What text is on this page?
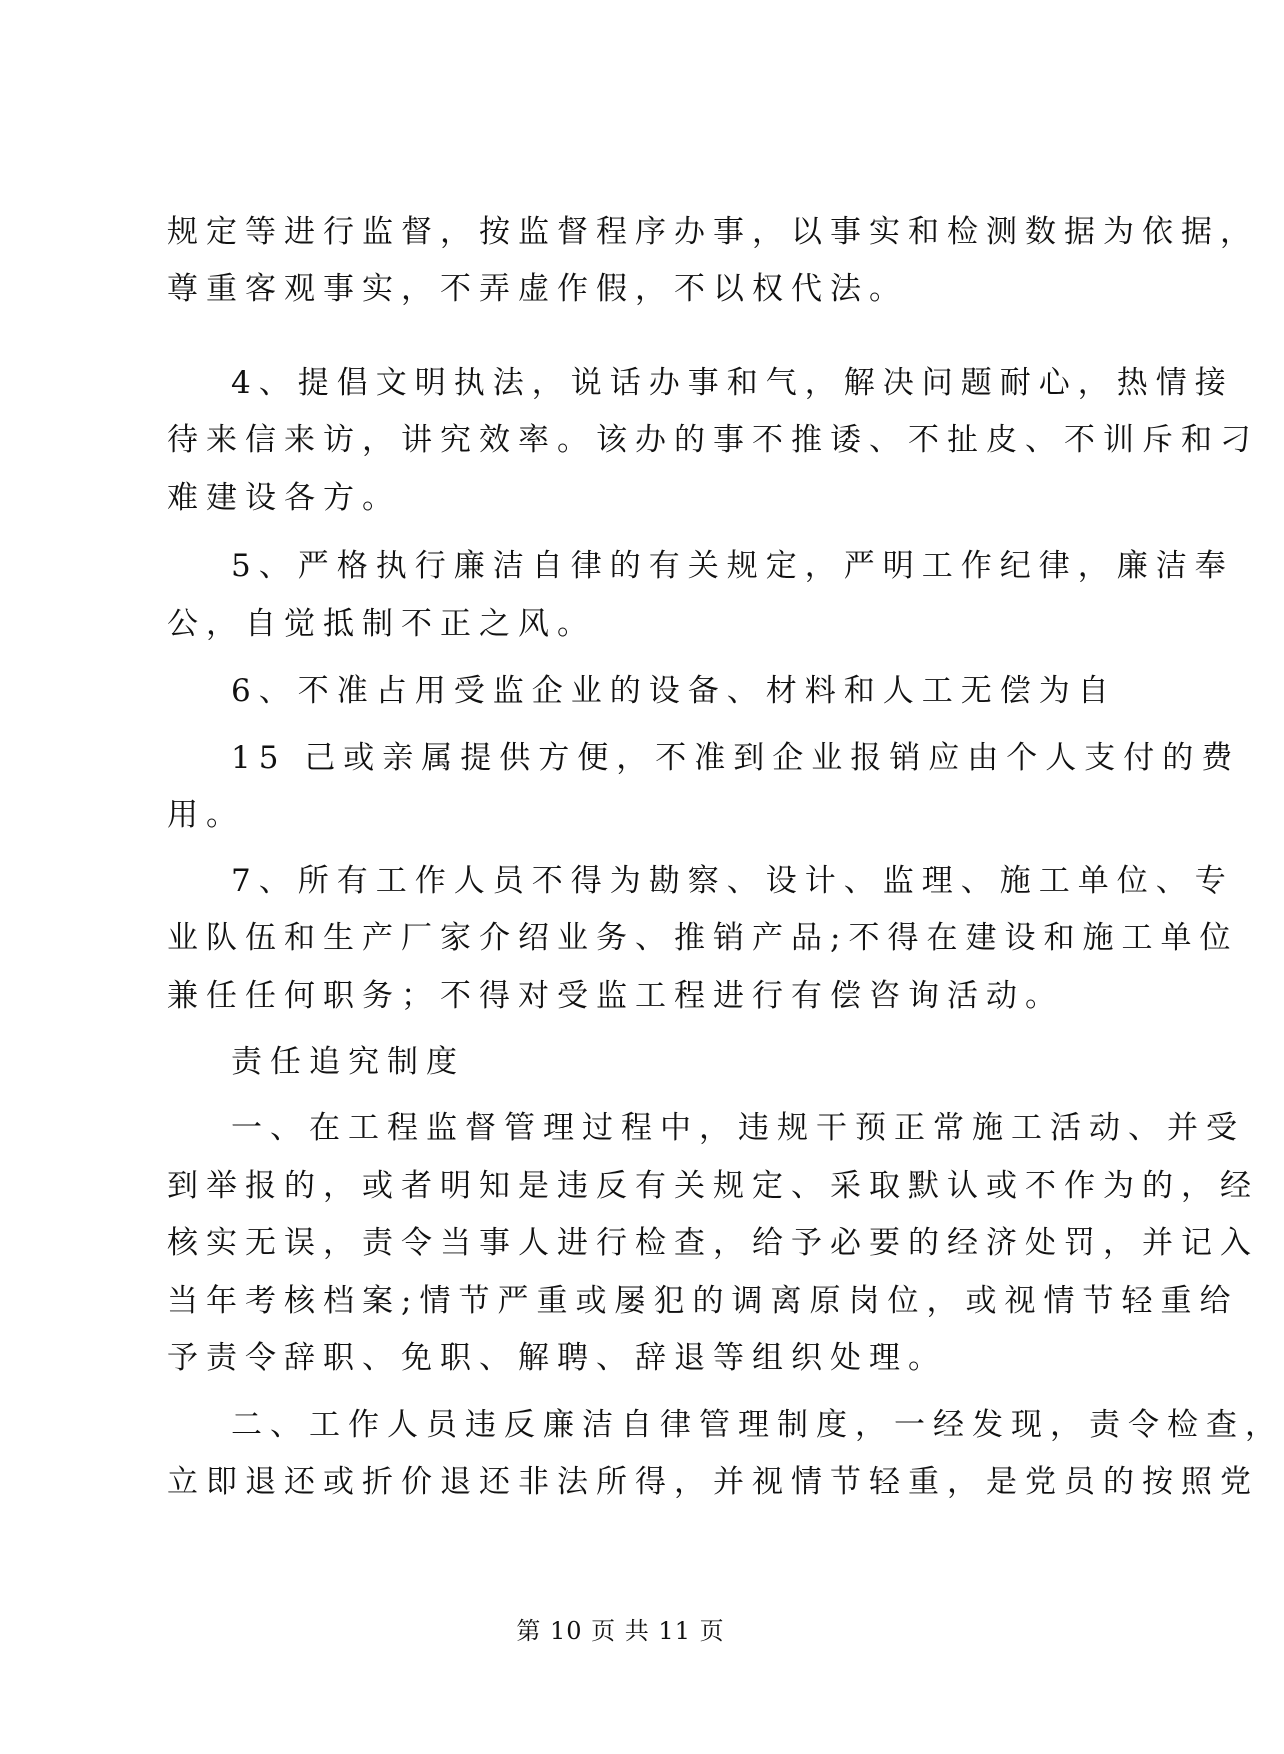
规定等进行监督，按监督程序办事，以事实和检测数据为依据，
尊重客观事实，不弄虚作假，不以权代法。
4、提倡文明执法，说话办事和气，解决问题耐心，热情接
待来信来访，讲究效率。该办的事不推诿、不扯皮、不训斥和刁
难建设各方。
5、严格执行廉洁自律的有关规定，严明工作纪律，廉洁奉
公，自觉抵制不正之风。
6、不准占用受监企业的设备、材料和人工无偿为自
15 己或亲属提供方便，不准到企业报销应由个人支付的费
用。
7、所有工作人员不得为勘察、设计、监理、施工单位、专
业队伍和生产厂家介绍业务、推销产品;不得在建设和施工单位
兼任任何职务；不得对受监工程进行有偿咨询活动。
责任追究制度
一、在工程监督管理过程中，违规干预正常施工活动、并受
到举报的，或者明知是违反有关规定、采取默认或不作为的，经
核实无误，责令当事人进行检查，给予必要的经济处罚，并记入
当年考核档案;情节严重或屡犯的调离原岗位，或视情节轻重给
予责令辞职、免职、解聘、辞退等组织处理。
二、工作人员违反廉洁自律管理制度，一经发现，责令检查，
立即退还或折价退还非法所得，并视情节轻重，是党员的按照党
第 10 页 共 11 页
